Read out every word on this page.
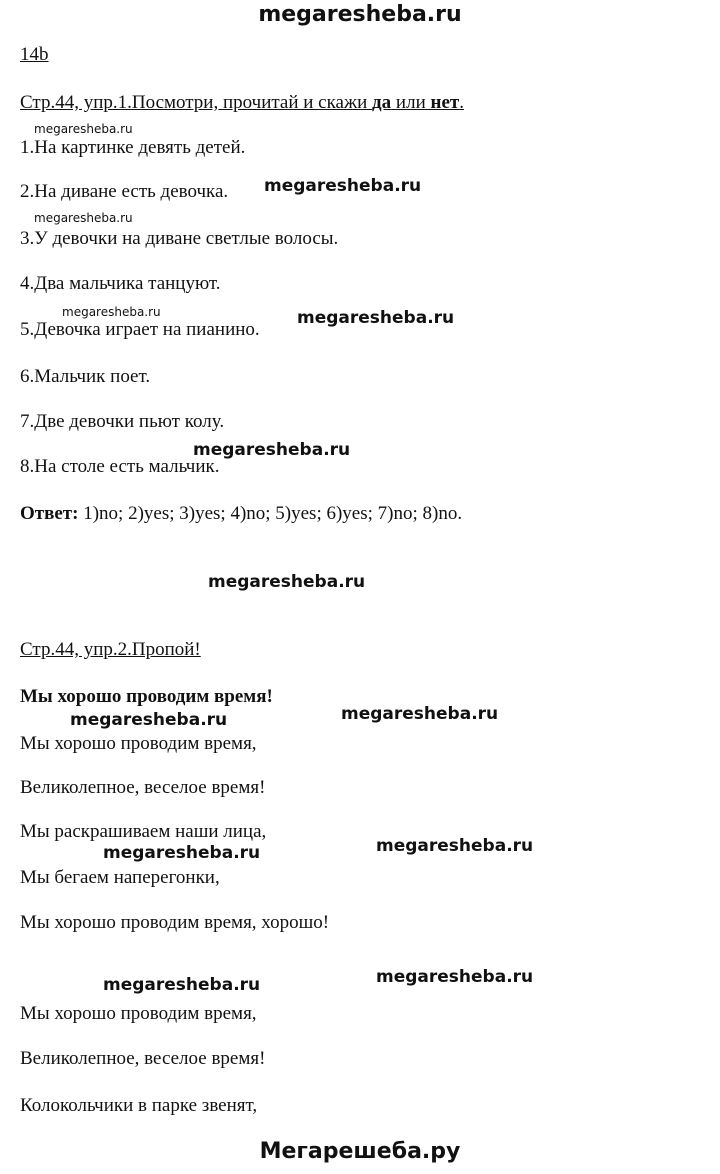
megaresheba.ru
14b
Стр.44, упр.1.Посмотри, прочитай и скажи да или нет.
1.На картинке девять детей.
2.На диване есть девочка.
3.У девочки на диване светлые волосы.
4.Два мальчика танцуют.
5.Девочка играет на пианино.
6.Мальчик поет.
7.Две девочки пьют колу.
8.На столе есть мальчик.
Ответ: 1)no; 2)yes; 3)yes; 4)no; 5)yes; 6)yes; 7)no; 8)no.
Стр.44, упр.2.Пропой!
Мы хорошо проводим время!
Мы хорошо проводим время,
Великолепное, веселое время!
Мы раскрашиваем наши лица,
Мы бегаем наперегонки,
Мы хорошо проводим время, хорошо!
Мы хорошо проводим время,
Великолепное, веселое время!
Колокольчики в парке звенят,
megaresheba.ru
megaresheba.ru
megaresheba.ru
megaresheba.ru	megaresheba.ru
megaresheba.ru
megaresheba.ru
megaresheba.ru
megaresheba.ru
megaresheba.ru
megaresheba.ru
megaresheba.ru
megaresheba.ru
Мегарешеба.ру
